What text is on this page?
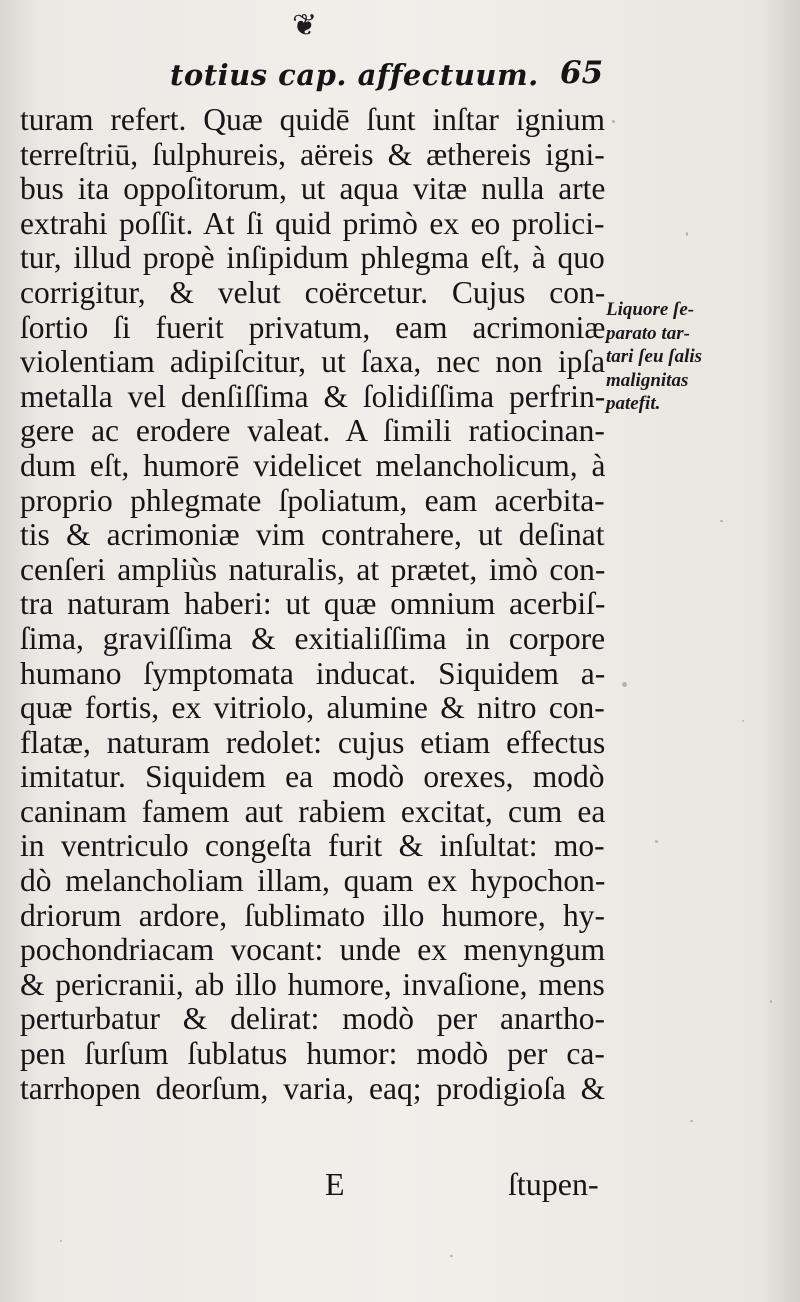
❦
totius cap. affectuum. 65
turam refert. Quæ quidē ſunt inſtar ignium
terreſtriū, ſulphureis, aëreis & æthereis igni-
bus ita oppoſitorum, ut aqua vitæ nulla arte
extrahi poſſit. At ſi quid primò ex eo prolici-
tur, illud propè inſipidum phlegma eſt, à quo
corrigitur, & velut coërcetur. Cujus con-
ſortio ſi fuerit privatum, eam acrimoniæ
violentiam adipiſcitur, ut ſaxa, nec non ipſa
metalla vel denſiſſima & ſolidiſſima perfrin-
gere ac erodere valeat. A ſimili ratiocinan-
dum eſt, humorē videlicet melancholicum, à
proprio phlegmate ſpoliatum, eam acerbita-
tis & acrimoniæ vim contrahere, ut deſinat
cenſeri ampliùs naturalis, at prætet, imò con-
tra naturam haberi: ut quæ omnium acerbiſ-
ſima, graviſſima & exitialiſſima in corpore
humano ſymptomata inducat. Siquidem a-
quæ fortis, ex vitriolo, alumine & nitro con-
flatæ, naturam redolet: cujus etiam effectus
imitatur. Siquidem ea modò orexes, modò
caninam famem aut rabiem excitat, cum ea
in ventriculo congeſta furit & inſultat: mo-
dò melancholiam illam, quam ex hypochon-
driorum ardore, ſublimato illo humore, hy-
pochondriacam vocant: unde ex menyngum
& pericranii, ab illo humore, invaſione, mens
perturbatur & delirat: modò per anartho-
pen ſurſum ſublatus humor: modò per ca-
tarrhopen deorſum, varia, eaq; prodigioſa &
Liquore ſe-
parato tar-
tari ſeu ſalis
malignitas
patefit.
E	ſtupen-
